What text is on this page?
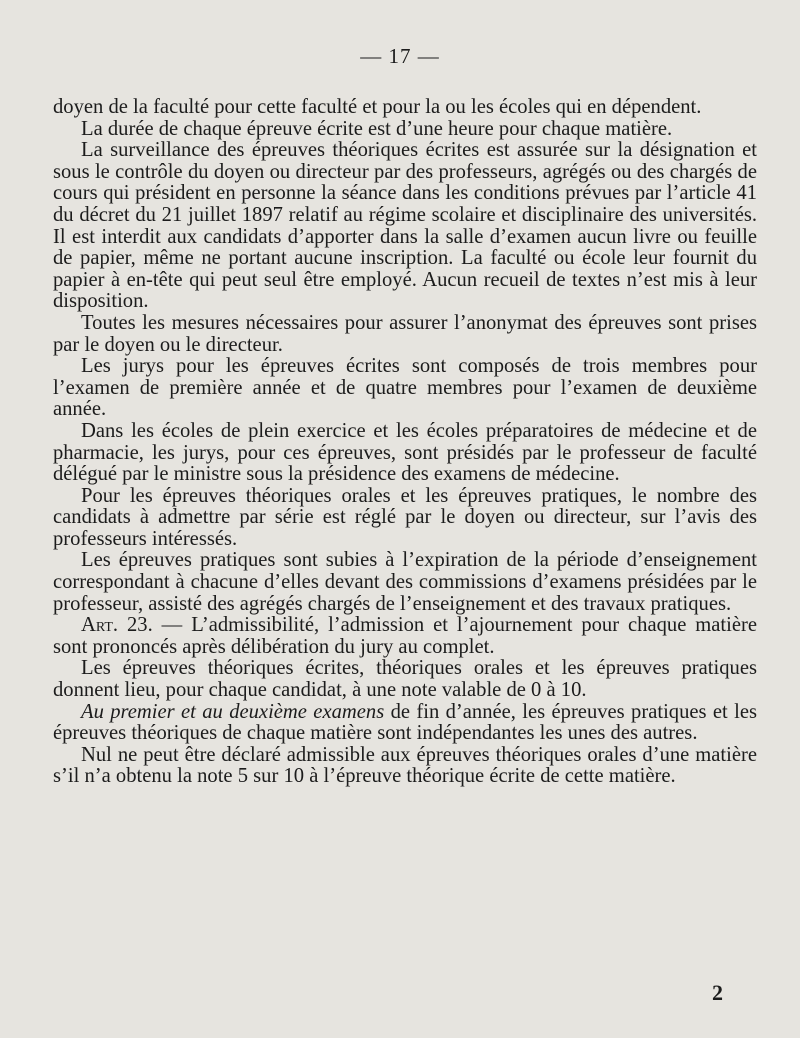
— 17 —

doyen de la faculté pour cette faculté et pour la ou les écoles qui en dépendent.

La durée de chaque épreuve écrite est d’une heure pour chaque matière.

La surveillance des épreuves théoriques écrites est assurée sur la désignation et sous le contrôle du doyen ou directeur par des professeurs, agrégés ou des chargés de cours qui président en personne la séance dans les conditions prévues par l’article 41 du décret du 21 juillet 1897 relatif au régime scolaire et disciplinaire des universités. Il est interdit aux candidats d’apporter dans la salle d’examen aucun livre ou feuille de papier, même ne portant aucune inscription. La faculté ou école leur fournit du papier à en-tête qui peut seul être employé. Aucun recueil de textes n’est mis à leur disposition.

Toutes les mesures nécessaires pour assurer l’anonymat des épreuves sont prises par le doyen ou le directeur.

Les jurys pour les épreuves écrites sont composés de trois membres pour l’examen de première année et de quatre membres pour l’examen de deuxième année.

Dans les écoles de plein exercice et les écoles préparatoires de médecine et de pharmacie, les jurys, pour ces épreuves, sont présidés par le professeur de faculté délégué par le ministre sous la présidence des examens de médecine.

Pour les épreuves théoriques orales et les épreuves pratiques, le nombre des candidats à admettre par série est réglé par le doyen ou directeur, sur l’avis des professeurs intéressés.

Les épreuves pratiques sont subies à l’expiration de la période d’enseignement correspondant à chacune d’elles devant des commissions d’examens présidées par le professeur, assisté des agrégés chargés de l’enseignement et des travaux pratiques.

Art. 23. — L’admissibilité, l’admission et l’ajournement pour chaque matière sont prononcés après délibération du jury au complet.

Les épreuves théoriques écrites, théoriques orales et les épreuves pratiques donnent lieu, pour chaque candidat, à une note valable de 0 à 10.

Au premier et au deuxième examens de fin d’année, les épreuves pratiques et les épreuves théoriques de chaque matière sont indépendantes les unes des autres.

Nul ne peut être déclaré admissible aux épreuves théoriques orales d’une matière s’il n’a obtenu la note 5 sur 10 à l’épreuve théorique écrite de cette matière.

2
